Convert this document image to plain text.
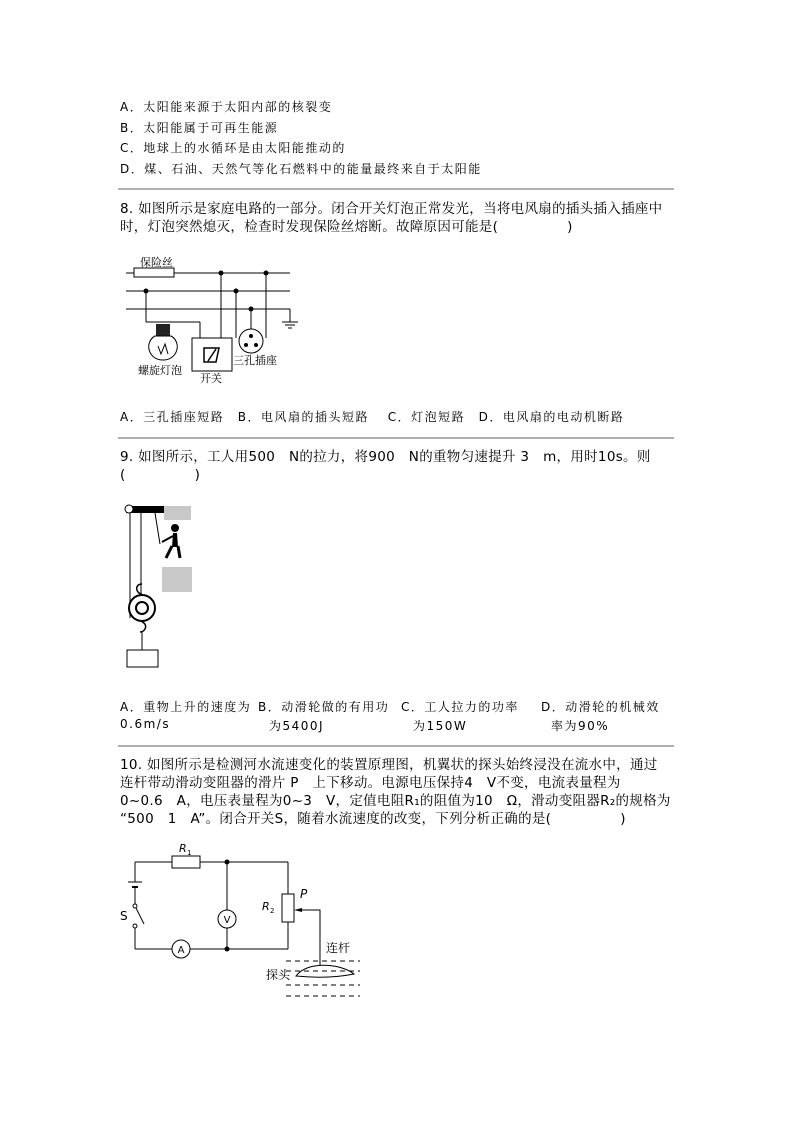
A．太阳能来源于太阳内部的核裂变
B．太阳能属于可再生能源
C．地球上的水循环是由太阳能推动的
D．煤、石油、天然气等化石燃料中的能量最终来自于太阳能
8. 如图所示是家庭电路的一部分。闭合开关灯泡正常发光，当将电风扇的插头插入插座中
时，灯泡突然熄灭，检查时发现保险丝熔断。故障原因可能是(　　　　　)
保险丝
螺旋灯泡
开关
三孔插座
A．三孔插座短路　B．电风扇的插头短路　 C．灯泡短路　D．电风扇的电动机断路
9. 如图所示，工人用500　N的拉力，将900　N的重物匀速提升 3　m，用时10s。则
(　　　　　)
A．重物上升的速度为 B．动滑轮做的有用功 C．工人拉力的功率 D．动滑轮的机械效
0.6m/s	为5400J	为150W	率为90%
10. 如图所示是检测河水流速变化的装置原理图，机翼状的探头始终浸没在流水中，通过
连杆带动滑动变阻器的滑片 P　上下移动。电源电压保持4　V不变，电流表量程为
0~0.6　A，电压表量程为0~3　V，定值电阻R₁的阻值为10　Ω，滑动变阻器R₂的规格为
“500　1　A”。闭合开关S，随着水流速度的改变，下列分析正确的是(　　　　　)
R 1
R 2
P
S	V
A	连杆
探头
